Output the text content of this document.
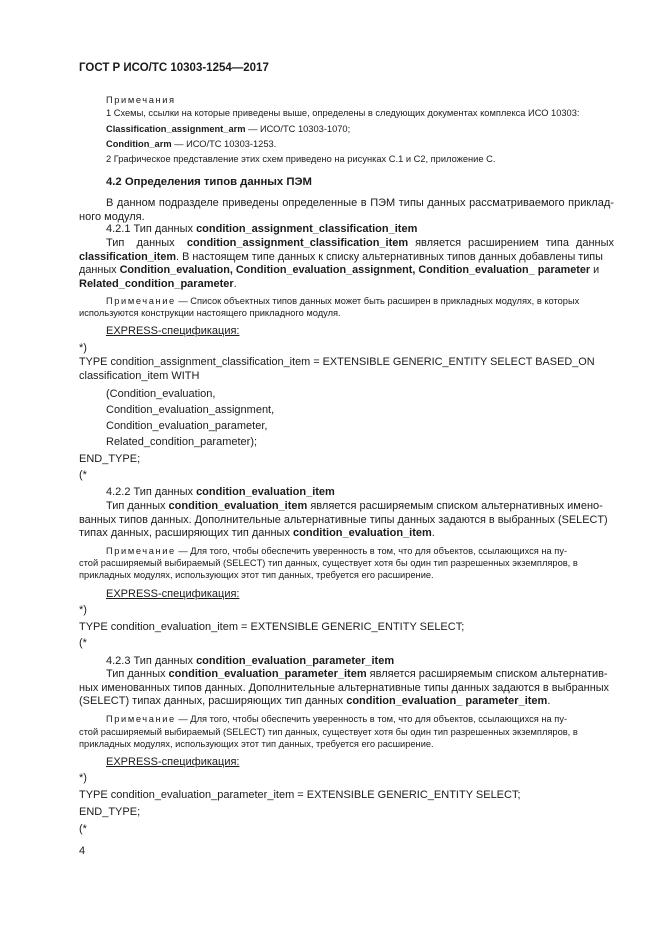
ГОСТ Р ИСО/ТС 10303-1254—2017
Примечания
1 Схемы, ссылки на которые приведены выше, определены в следующих документах комплекса ИСО 10303:
Classification_assignment_arm — ИСО/ТС 10303-1070;
Condition_arm — ИСО/ТС 10303-1253.
2 Графическое представление этих схем приведено на рисунках С.1 и С2, приложение С.
4.2 Определения типов данных ПЭМ
В данном подразделе приведены определенные в ПЭМ типы данных рассматриваемого приклад-
ного модуля.
4.2.1 Тип данных condition_assignment_classification_item
Тип    данных    condition_assignment_classification_item является расширением типа данных
classification_item. В настоящем типе данных к списку альтернативных типов данных добавлены типы
данных Condition_evaluation, Condition_evaluation_assignment, Condition_evaluation_ parameter и
Related_condition_parameter.
Примечание — Список объектных типов данных может быть расширен в прикладных модулях, в которых
используются конструкции настоящего прикладного модуля.
EXPRESS-спецификация:
*)
TYPE condition_assignment_classification_item = EXTENSIBLE GENERIC_ENTITY SELECT BASED_ON
classification_item WITH
(Condition_evaluation,
Condition_evaluation_assignment,
Condition_evaluation_parameter,
Related_condition_parameter);
END_TYPE;
(*
4.2.2 Тип данных condition_evaluation_item
Тип данных condition_evaluation_item является расширяемым списком альтернативных имено-
ванных типов данных. Дополнительные альтернативные типы данных задаются в выбранных (SELECT)
типах данных, расширяющих тип данных condition_evaluation_item.
Примечание — Для того, чтобы обеспечить уверенность в том, что для объектов, ссылающихся на пу-
стой расширяемый выбираемый (SELECT) тип данных, существует хотя бы один тип разрешенных экземпляров, в
прикладных модулях, использующих этот тип данных, требуется его расширение.
EXPRESS-спецификация:
*)
TYPE condition_evaluation_item = EXTENSIBLE GENERIC_ENTITY SELECT;
(*
4.2.3 Тип данных condition_evaluation_parameter_item
Тип данных condition_evaluation_parameter_item является расширяемым списком альтернатив-
ных именованных типов данных. Дополнительные альтернативные типы данных задаются в выбранных
(SELECT) типах данных, расширяющих тип данных condition_evaluation_ parameter_item.
Примечание — Для того, чтобы обеспечить уверенность в том, что для объектов, ссылающихся на пу-
стой расширяемый выбираемый (SELECT) тип данных, существует хотя бы один тип разрешенных экземпляров, в
прикладных модулях, использующих этот тип данных, требуется его расширение.
EXPRESS-спецификация:
*)
TYPE condition_evaluation_parameter_item = EXTENSIBLE GENERIC_ENTITY SELECT;
END_TYPE;
(*
4
